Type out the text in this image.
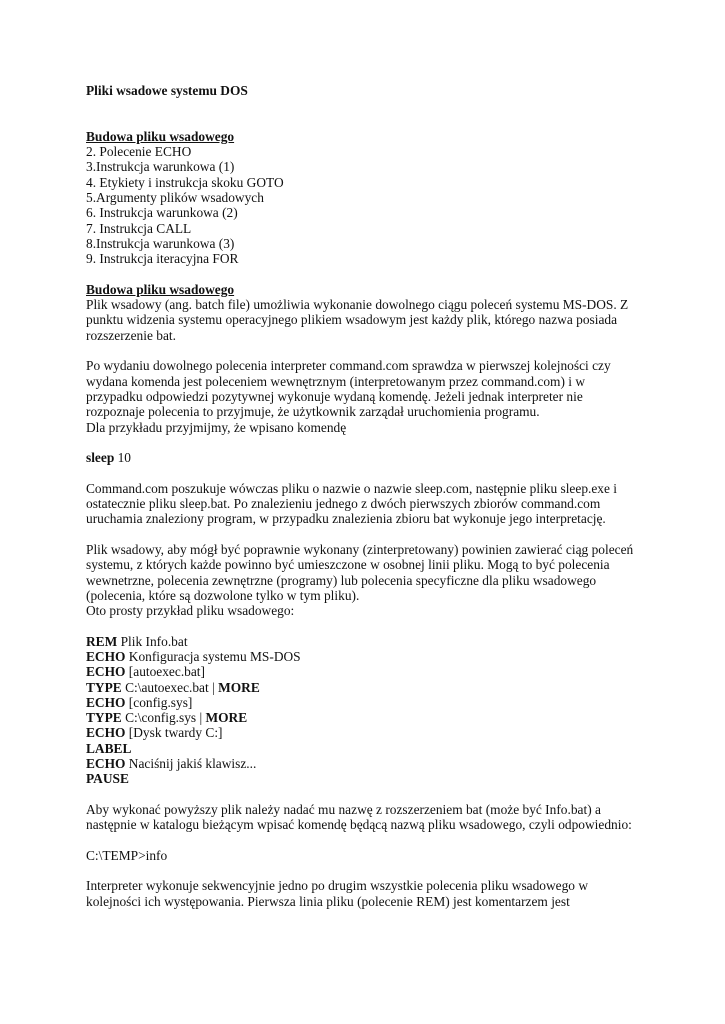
Pliki wsadowe systemu DOS
Budowa pliku wsadowego
2. Polecenie ECHO
3.Instrukcja warunkowa (1)
4. Etykiety i instrukcja skoku GOTO
5.Argumenty plików wsadowych
6. Instrukcja warunkowa (2)
7. Instrukcja CALL
8.Instrukcja warunkowa (3)
9. Instrukcja iteracyjna FOR
Budowa pliku wsadowego
Plik wsadowy (ang. batch file) umożliwia wykonanie dowolnego ciągu poleceń systemu MS-DOS. Z
punktu widzenia systemu operacyjnego plikiem wsadowym jest każdy plik, którego nazwa posiada
rozszerzenie bat.
Po wydaniu dowolnego polecenia interpreter command.com sprawdza w pierwszej kolejności czy
wydana komenda jest poleceniem wewnętrznym (interpretowanym przez command.com) i w
przypadku odpowiedzi pozytywnej wykonuje wydaną komendę. Jeżeli jednak interpreter nie
rozpoznaje polecenia to przyjmuje, że użytkownik zarządał uruchomienia programu.
Dla przykładu przyjmijmy, że wpisano komendę
sleep 10
Command.com poszukuje wówczas pliku o nazwie o nazwie sleep.com, następnie pliku sleep.exe i
ostatecznie pliku sleep.bat. Po znalezieniu jednego z dwóch pierwszych zbiorów command.com
uruchamia znaleziony program, w przypadku znalezienia zbioru bat wykonuje jego interpretację.
Plik wsadowy, aby mógł być poprawnie wykonany (zinterpretowany) powinien zawierać ciąg poleceń
systemu, z których każde powinno być umieszczone w osobnej linii pliku. Mogą to być polecenia
wewnetrzne, polecenia zewnętrzne (programy) lub polecenia specyficzne dla pliku wsadowego
(polecenia, które są dozwolone tylko w tym pliku).
Oto prosty przykład pliku wsadowego:
REM Plik Info.bat
ECHO Konfiguracja systemu MS-DOS
ECHO [autoexec.bat]
TYPE C:\autoexec.bat | MORE
ECHO [config.sys]
TYPE C:\config.sys | MORE
ECHO [Dysk twardy C:]
LABEL
ECHO Naciśnij jakiś klawisz...
PAUSE
Aby wykonać powyższy plik należy nadać mu nazwę z rozszerzeniem bat (może być Info.bat) a
następnie w katalogu bieżącym wpisać komendę będącą nazwą pliku wsadowego, czyli odpowiednio:
C:\TEMP>info
Interpreter wykonuje sekwencyjnie jedno po drugim wszystkie polecenia pliku wsadowego w
kolejności ich występowania. Pierwsza linia pliku (polecenie REM) jest komentarzem jest
